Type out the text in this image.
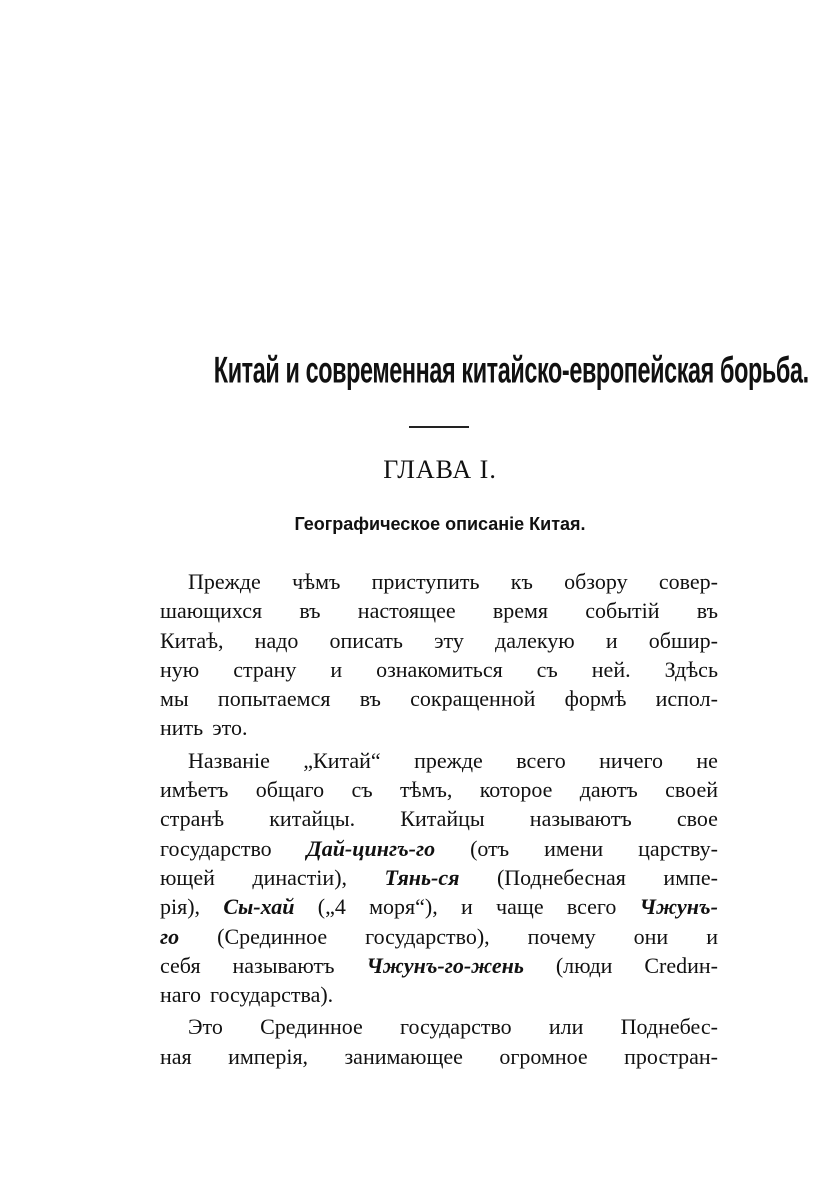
Китай и современная китайско-европейская борьба.
ГЛАВА I.
Географическое описаніе Китая.
Прежде чѣмъ приступить къ обзору совер-
шающихся въ настоящее время событій въ
Китаѣ, надо описать эту далекую и обшир-
ную страну и ознакомиться съ ней. Здѣсь
мы попытаемся въ сокращенной формѣ испол-
нить это.
Названіе „Китай“ прежде всего ничего не
имѣетъ общаго съ тѣмъ, которое даютъ своей
странѣ китайцы. Китайцы называютъ свое
государство Дай-цингъ-го (отъ имени царству-
ющей династіи), Тянь-ся (Поднебесная импе-
рія), Сы-хай („4 моря“), и чаще всего Чжунъ-
го (Срединное государство), почему они и
себя называютъ Чжунъ-го-жень (люди Сredин-
наго государства).
Это Срединное государство или Поднебес-
ная имперія, занимающее огромное простран-
